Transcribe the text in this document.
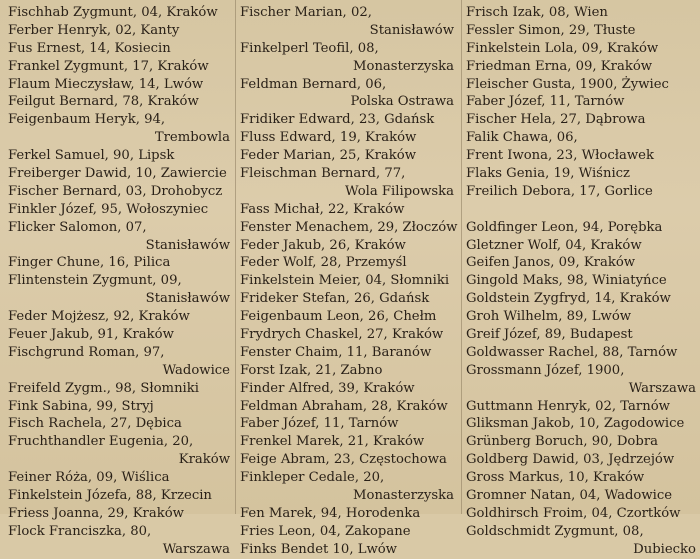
Fischhab Zygmunt, 04, Kraków
Ferber Henryk, 02, Kanty
Fus Ernest, 14, Kosiecin
Frankel Zygmunt, 17, Kraków
Flaum Mieczysław, 14, Lwów
Feilgut Bernard, 78, Kraków
Feigenbaum Heryk, 94,
Trembowla
Ferkel Samuel, 90, Lipsk
Freiberger Dawid, 10, Zawiercie
Fischer Bernard, 03, Drohobycz
Finkler Józef, 95, Wołoszyniec
Flicker Salomon, 07,
Stanisławów
Finger Chune, 16, Pilica
Flintenstein Zygmunt, 09,
Stanisławów
Feder Mojżesz, 92, Kraków
Feuer Jakub, 91, Kraków
Fischgrund Roman, 97,
Wadowice
Freifeld Zygm., 98, Słomniki
Fink Sabina, 99, Stryj
Fisch Rachela, 27, Dębica
Fruchthandler Eugenia, 20,
Kraków
Feiner Róża, 09, Wiślica
Finkelstein Józefa, 88, Krzecin
Friess Joanna, 29, Kraków
Flock Franciszka, 80,
Warszawa
Fischer Marian, 02,
Stanisławów
Finkelperl Teofil, 08,
Monasterzyska
Feldman Bernard, 06,
Polska Ostrawa
Fridiker Edward, 23, Gdańsk
Fluss Edward, 19, Kraków
Feder Marian, 25, Kraków
Fleischman Bernard, 77,
Wola Filipowska
Fass Michał, 22, Kraków
Fenster Menachem, 29, Złoczów
Feder Jakub, 26, Kraków
Feder Wolf, 28, Przemyśl
Finkelstein Meier, 04, Słomniki
Frideker Stefan, 26, Gdańsk
Feigenbaum Leon, 26, Chełm
Frydrych Chaskel, 27, Kraków
Fenster Chaim, 11, Baranów
Forst Izak, 21, Zabno
Finder Alfred, 39, Kraków
Feldman Abraham, 28, Kraków
Faber Józef, 11, Tarnów
Frenkel Marek, 21, Kraków
Feige Abram, 23, Częstochowa
Finkleper Cedale, 20,
Monasterzyska
Fen Marek, 94, Horodenka
Fries Leon, 04, Zakopane
Finks Bendet 10, Lwów
Frisch Izak, 08, Wien
Fessler Simon, 29, Tłuste
Finkelstein Lola, 09, Kraków
Friedman Erna, 09, Kraków
Fleischer Gusta, 1900, Żywiec
Faber Józef, 11, Tarnów
Fischer Hela, 27, Dąbrowa
Falik Chawa, 06,
Frent Iwona, 23, Włocławek
Flaks Genia, 19, Wiśnicz
Freilich Debora, 17, Gorlice
Goldfinger Leon, 94, Porębka
Gletzner Wolf, 04, Kraków
Geifen Janos, 09, Kraków
Gingold Maks, 98, Winiatyńce
Goldstein Zygfryd, 14, Kraków
Groh Wilhelm, 89, Lwów
Greif Józef, 89, Budapest
Goldwasser Rachel, 88, Tarnów
Grossmann Józef, 1900,
Warszawa
Guttmann Henryk, 02, Tarnów
Gliksman Jakob, 10, Zagodowice
Grünberg Boruch, 90, Dobra
Goldberg Dawid, 03, Jędrzejów
Gross Markus, 10, Kraków
Gromner Natan, 04, Wadowice
Goldhirsch Froim, 04, Czortków
Goldschmidt Zygmunt, 08,
Dubiecko
